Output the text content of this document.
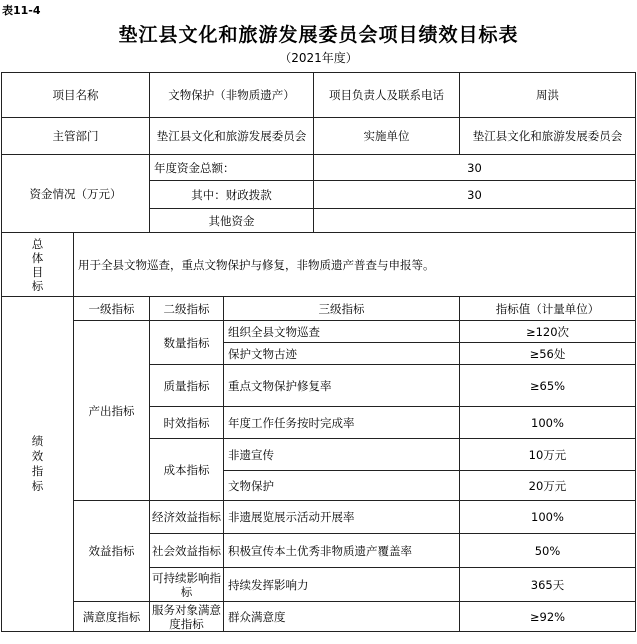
表11-4
垫江县文化和旅游发展委员会项目绩效目标表
（2021年度）
项目名称		文物保护（非物质遗产）		项目负责人及联系电话	周洪
主管部门		垫江县文化和旅游发展委员会		实施单位	垫江县文化和旅游发展委员会
资金情况（万元）		年度资金总额：		30	
		其中：财政拨款		30	
		其他资金			

总体目标	用于全县文物巡查，重点文物保护与修复，非物质遗产普查与申报等。				

绩效指标	一级指标	二级指标	三级指标		指标值（计量单位）
	产出指标	数量指标	组织全县文物巡查		≥120次
			保护文物古迹		≥56处
		质量指标	重点文物保护修复率		≥65%
		时效指标	年度工作任务按时完成率		100%
		成本指标	非遗宣传		10万元
			文物保护		20万元
	效益指标	经济效益指标	非遗展览展示活动开展率		100%
		社会效益指标	积极宣传本土优秀非物质遗产覆盖率		50%
		可持续影响指标	持续发挥影响力		365天
	满意度指标	服务对象满意度指标	群众满意度		≥92%
